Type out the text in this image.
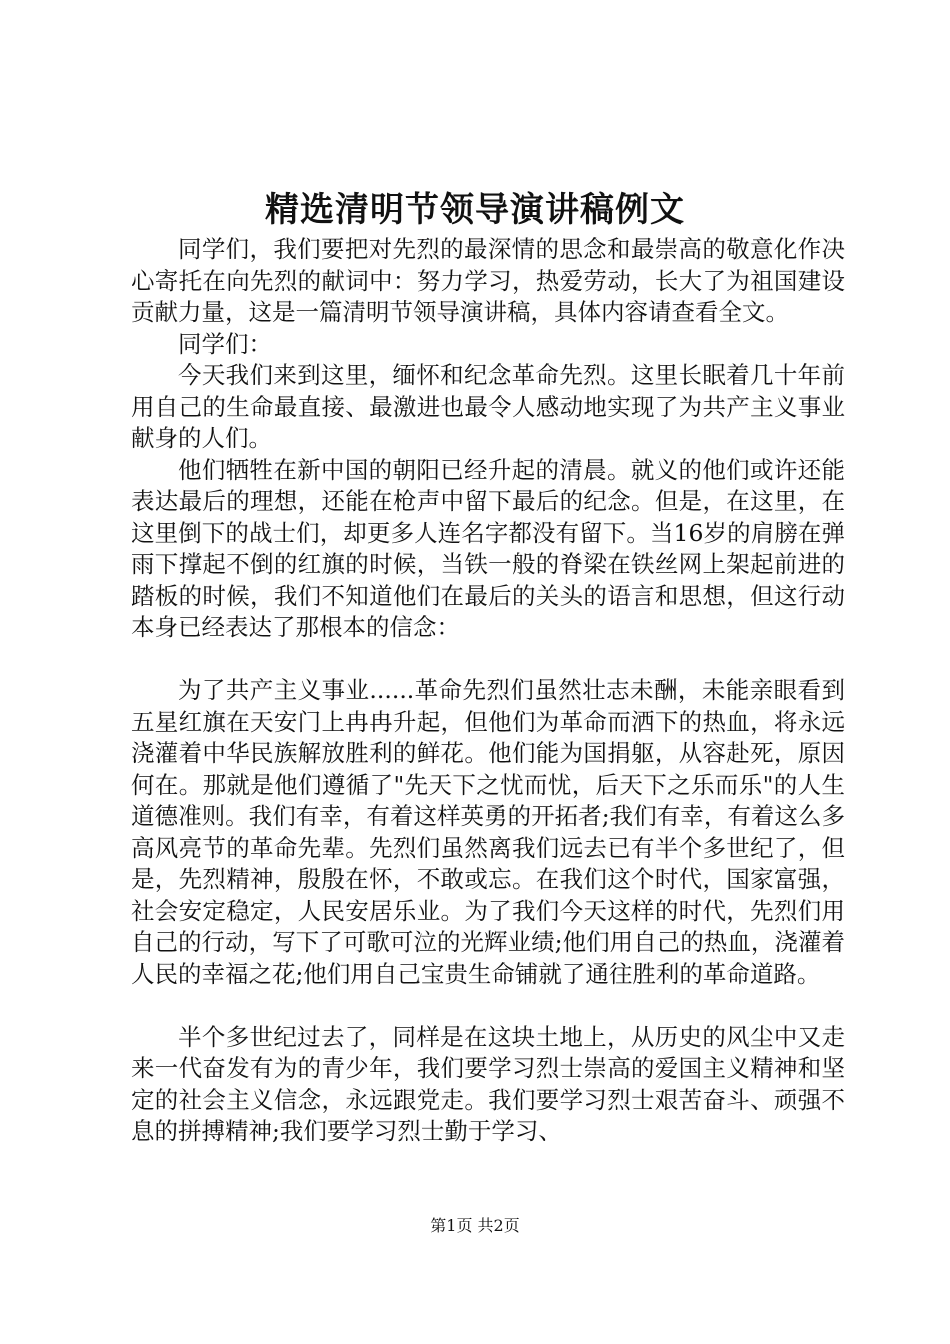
精选清明节领导演讲稿例文

同学们，我们要把对先烈的最深情的思念和最崇高的敬意化作决心寄托在向先烈的献词中：努力学习，热爱劳动，长大了为祖国建设贡献力量，这是一篇清明节领导演讲稿，具体内容请查看全文。

同学们：

今天我们来到这里，缅怀和纪念革命先烈。这里长眠着几十年前用自己的生命最直接、最激进也最令人感动地实现了为共产主义事业献身的人们。

他们牺牲在新中国的朝阳已经升起的清晨。就义的他们或许还能表达最后的理想，还能在枪声中留下最后的纪念。但是，在这里，在这里倒下的战士们，却更多人连名字都没有留下。当16岁的肩膀在弹雨下撑起不倒的红旗的时候，当铁一般的脊梁在铁丝网上架起前进的踏板的时候，我们不知道他们在最后的关头的语言和思想，但这行动本身已经表达了那根本的信念：

为了共产主义事业......革命先烈们虽然壮志未酬，未能亲眼看到五星红旗在天安门上冉冉升起，但他们为革命而洒下的热血，将永远浇灌着中华民族解放胜利的鲜花。他们能为国捐躯，从容赴死，原因何在。那就是他们遵循了"先天下之忧而忧，后天下之乐而乐"的人生道德准则。我们有幸，有着这样英勇的开拓者;我们有幸，有着这么多高风亮节的革命先辈。先烈们虽然离我们远去已有半个多世纪了，但是，先烈精神，殷殷在怀，不敢或忘。在我们这个时代，国家富强，社会安定稳定，人民安居乐业。为了我们今天这样的时代，先烈们用自己的行动，写下了可歌可泣的光辉业绩;他们用自己的热血，浇灌着人民的幸福之花;他们用自己宝贵生命铺就了通往胜利的革命道路。

半个多世纪过去了，同样是在这块土地上，从历史的风尘中又走来一代奋发有为的青少年，我们要学习烈士崇高的爱国主义精神和坚定的社会主义信念，永远跟党走。我们要学习烈士艰苦奋斗、顽强不息的拼搏精神;我们要学习烈士勤于学习、

第1页 共2页
